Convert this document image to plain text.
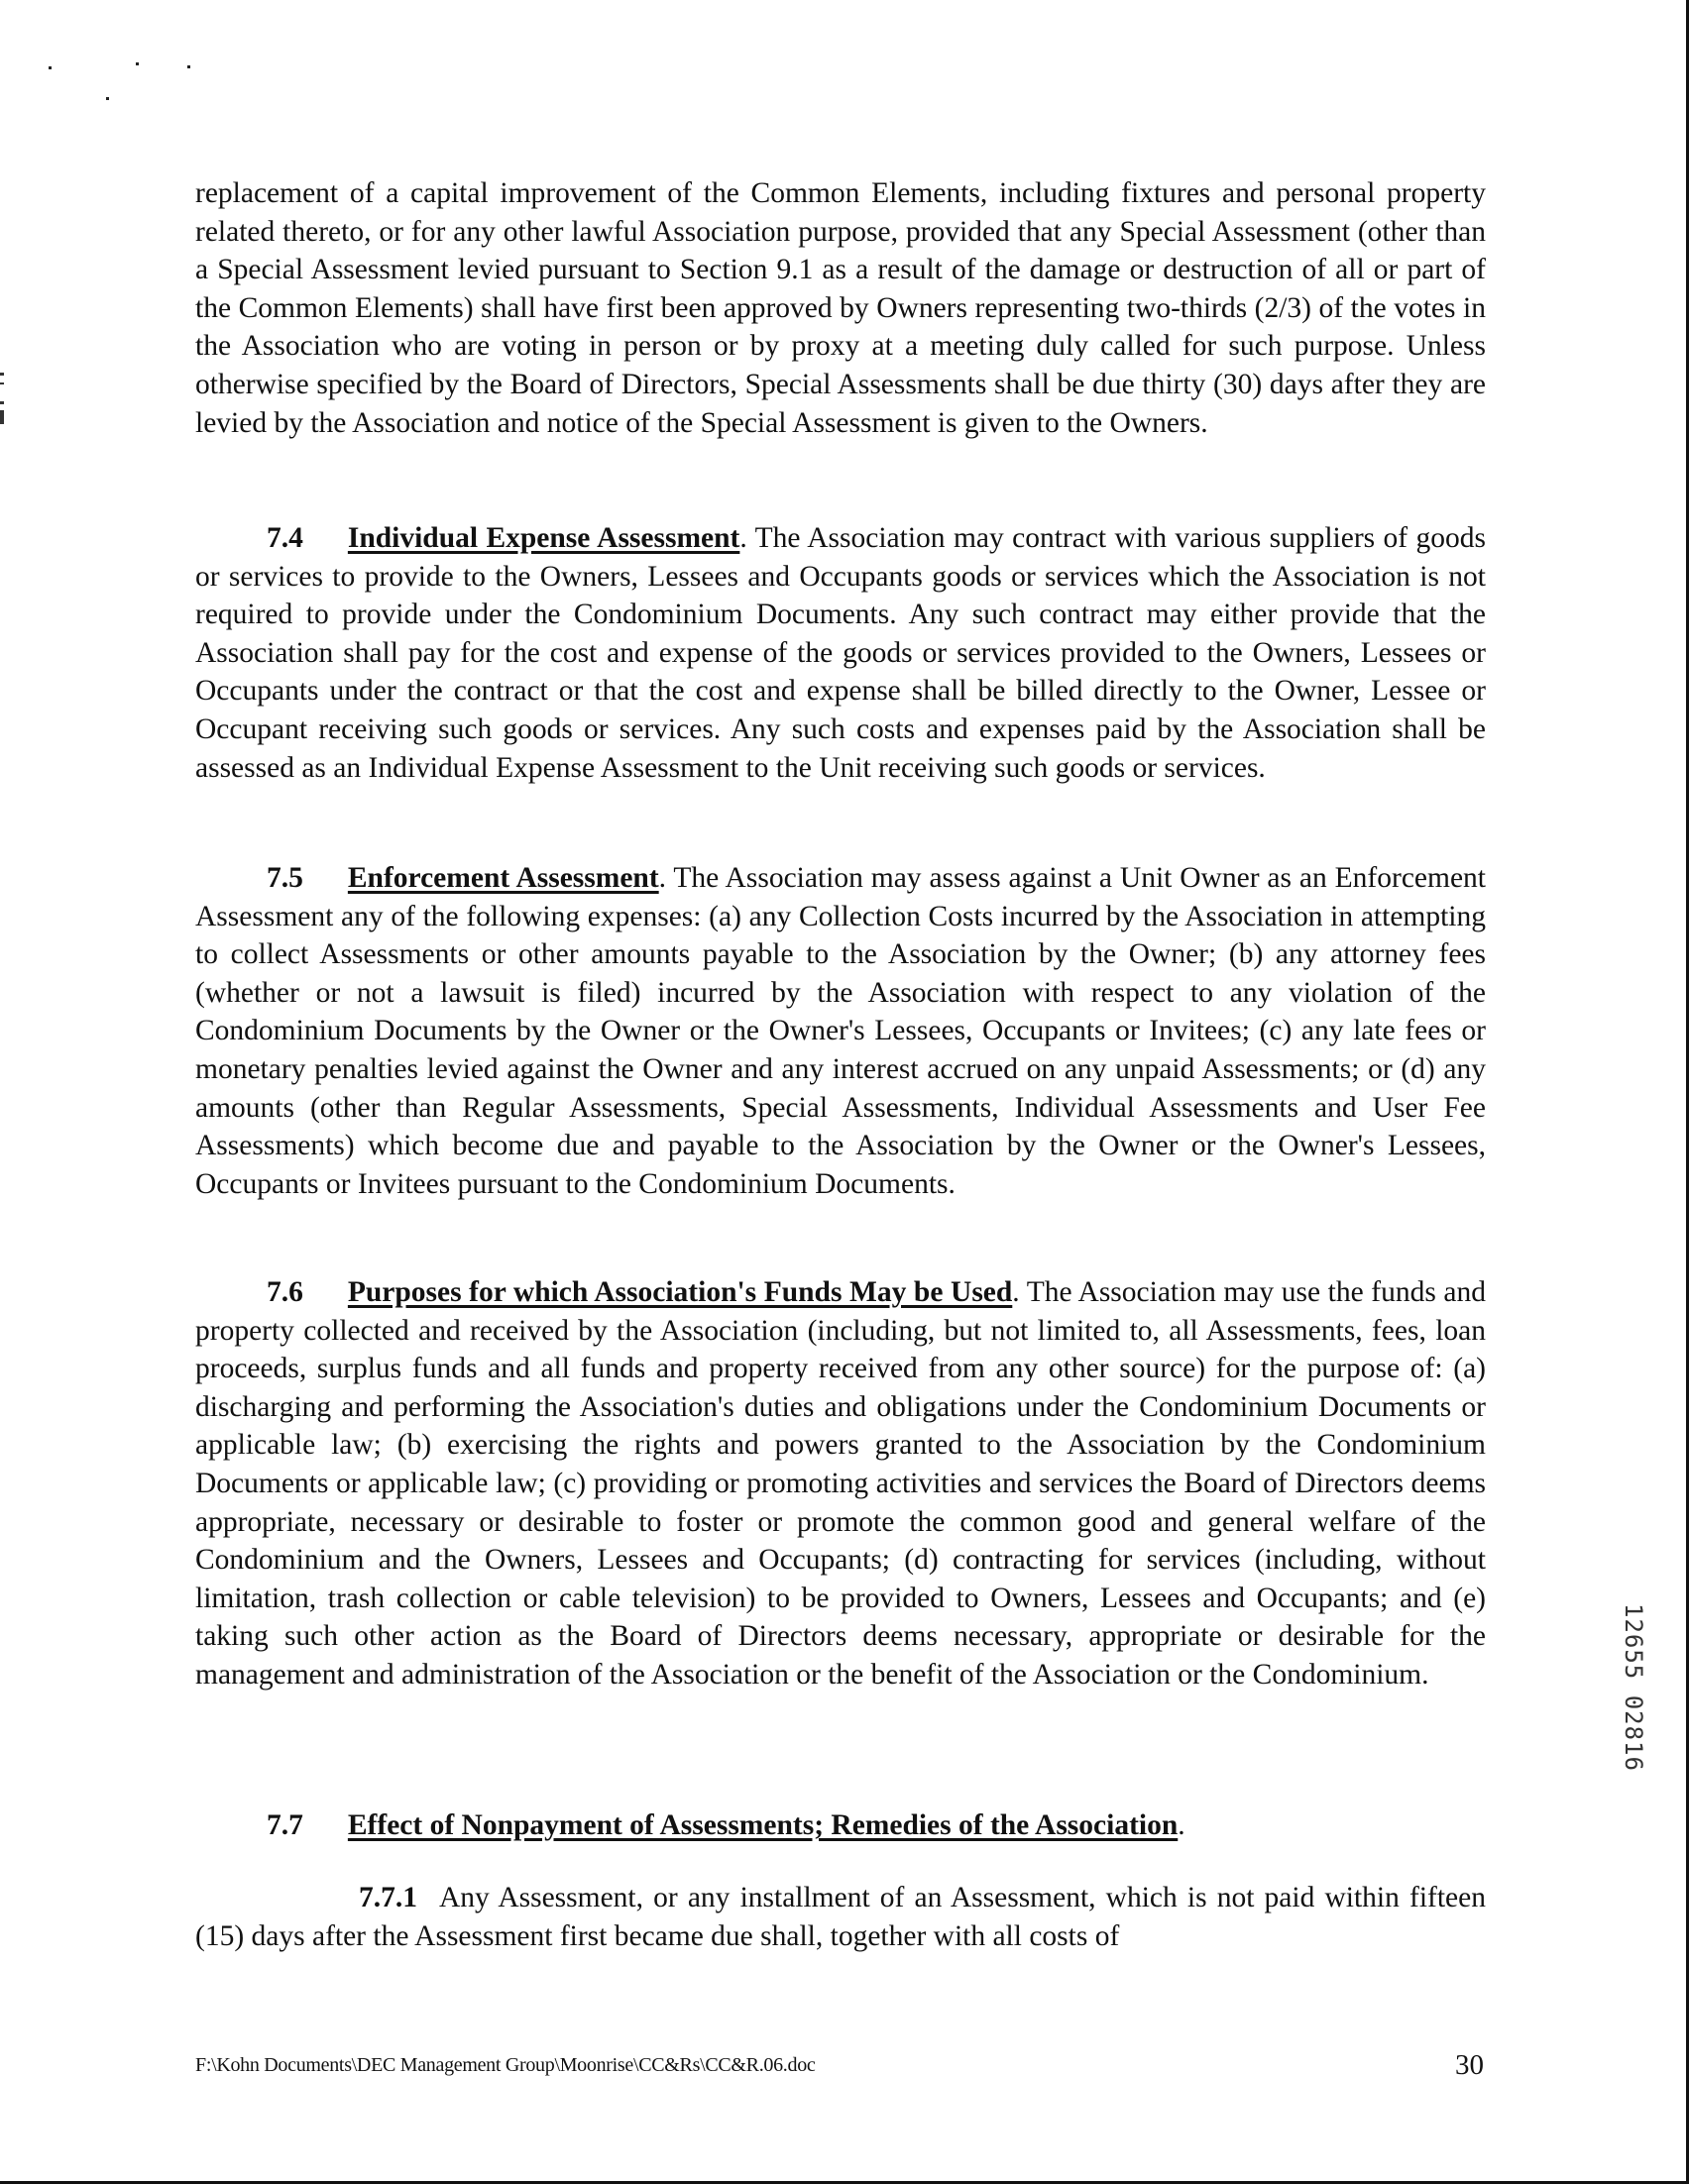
replacement of a capital improvement of the Common Elements, including fixtures and personal property related thereto, or for any other lawful Association purpose, provided that any Special Assessment (other than a Special Assessment levied pursuant to Section 9.1 as a result of the damage or destruction of all or part of the Common Elements) shall have first been approved by Owners representing two-thirds (2/3) of the votes in the Association who are voting in person or by proxy at a meeting duly called for such purpose. Unless otherwise specified by the Board of Directors, Special Assessments shall be due thirty (30) days after they are levied by the Association and notice of the Special Assessment is given to the Owners.

7.4 Individual Expense Assessment. The Association may contract with various suppliers of goods or services to provide to the Owners, Lessees and Occupants goods or services which the Association is not required to provide under the Condominium Documents. Any such contract may either provide that the Association shall pay for the cost and expense of the goods or services provided to the Owners, Lessees or Occupants under the contract or that the cost and expense shall be billed directly to the Owner, Lessee or Occupant receiving such goods or services. Any such costs and expenses paid by the Association shall be assessed as an Individual Expense Assessment to the Unit receiving such goods or services.

7.5 Enforcement Assessment. The Association may assess against a Unit Owner as an Enforcement Assessment any of the following expenses: (a) any Collection Costs incurred by the Association in attempting to collect Assessments or other amounts payable to the Association by the Owner; (b) any attorney fees (whether or not a lawsuit is filed) incurred by the Association with respect to any violation of the Condominium Documents by the Owner or the Owner's Lessees, Occupants or Invitees; (c) any late fees or monetary penalties levied against the Owner and any interest accrued on any unpaid Assessments; or (d) any amounts (other than Regular Assessments, Special Assessments, Individual Assessments and User Fee Assessments) which become due and payable to the Association by the Owner or the Owner's Lessees, Occupants or Invitees pursuant to the Condominium Documents.

7.6 Purposes for which Association's Funds May be Used. The Association may use the funds and property collected and received by the Association (including, but not limited to, all Assessments, fees, loan proceeds, surplus funds and all funds and property received from any other source) for the purpose of: (a) discharging and performing the Association's duties and obligations under the Condominium Documents or applicable law; (b) exercising the rights and powers granted to the Association by the Condominium Documents or applicable law; (c) providing or promoting activities and services the Board of Directors deems appropriate, necessary or desirable to foster or promote the common good and general welfare of the Condominium and the Owners, Lessees and Occupants; (d) contracting for services (including, without limitation, trash collection or cable television) to be provided to Owners, Lessees and Occupants; and (e) taking such other action as the Board of Directors deems necessary, appropriate or desirable for the management and administration of the Association or the benefit of the Association or the Condominium.

7.7 Effect of Nonpayment of Assessments; Remedies of the Association.

7.7.1 Any Assessment, or any installment of an Assessment, which is not paid within fifteen (15) days after the Assessment first became due shall, together with all costs of

F:\Kohn Documents\DEC Management Group\Moonrise\CC&Rs\CC&R.06.doc	30
12655 02816
